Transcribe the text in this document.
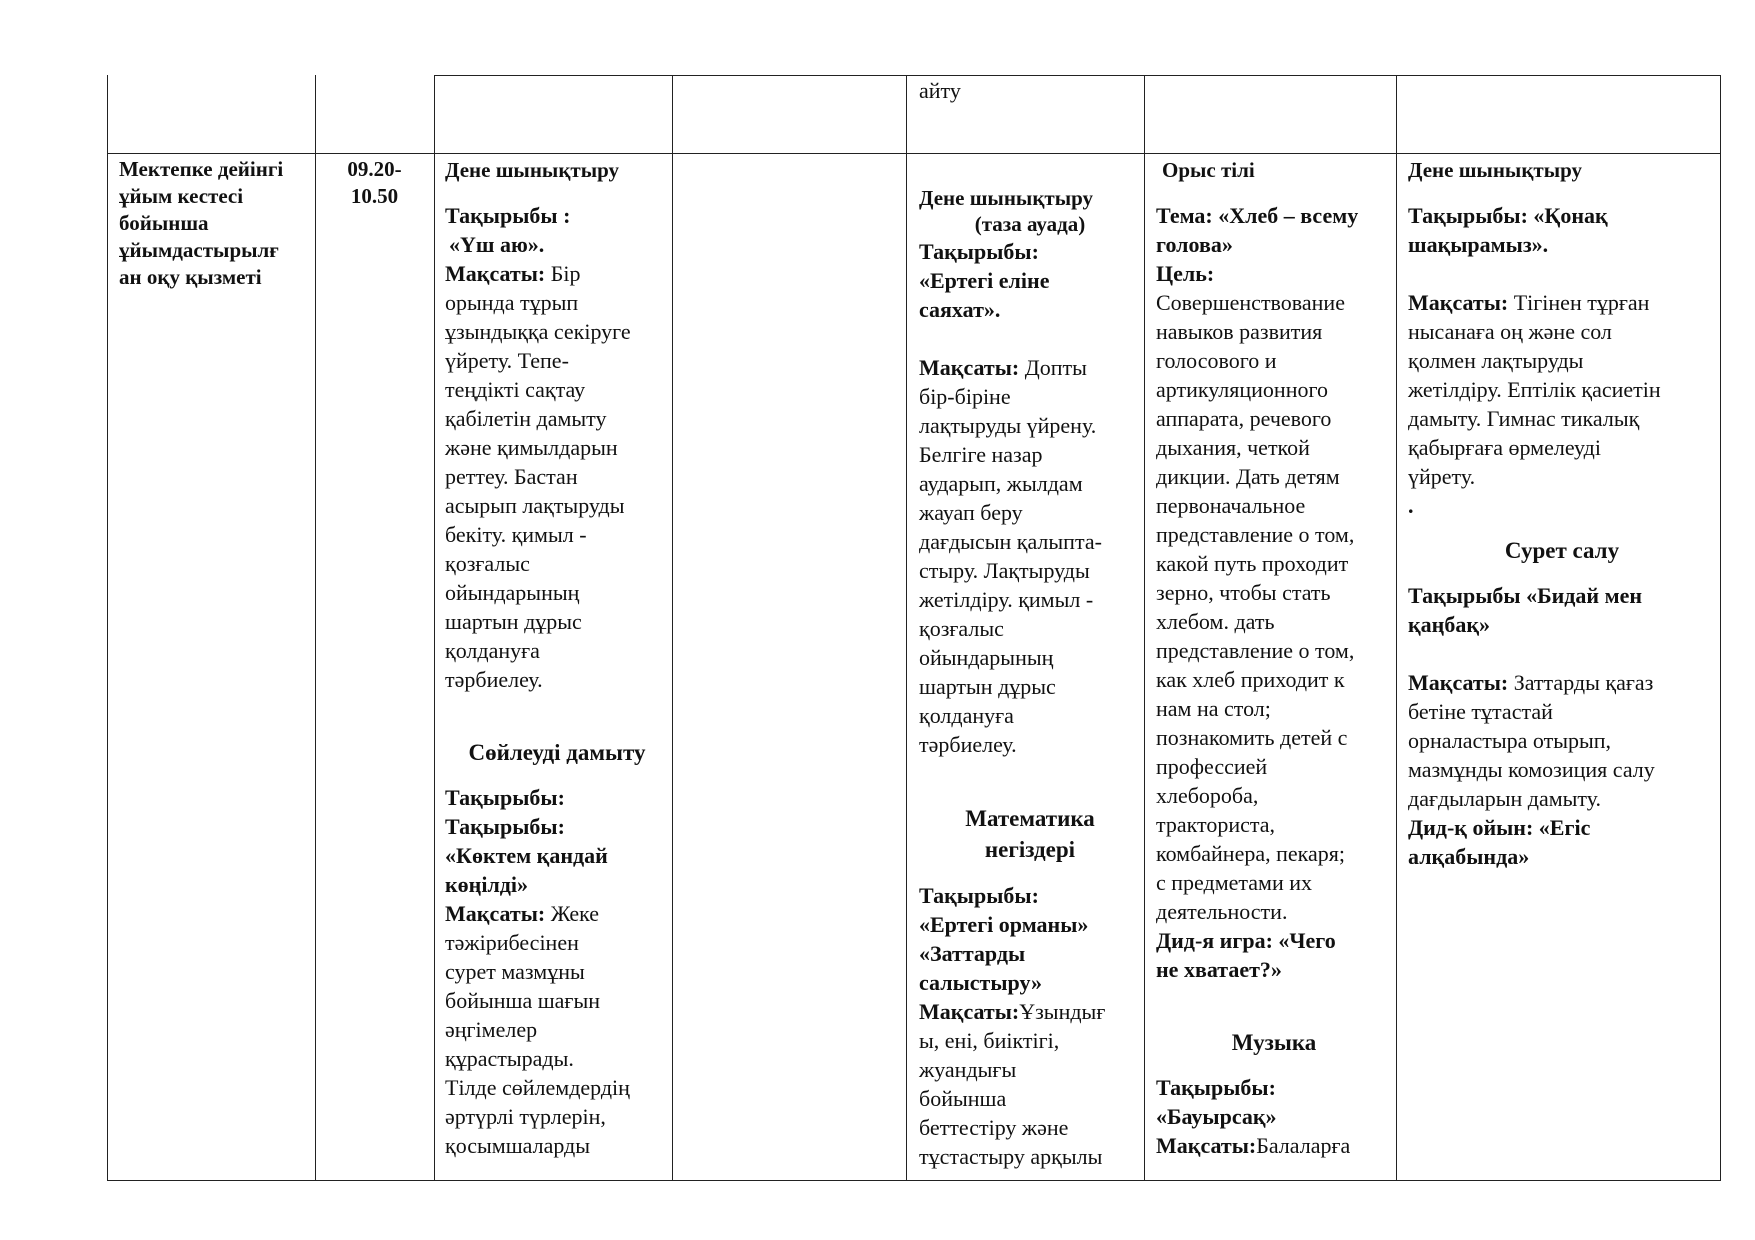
айту

Мектепке дейінгі

ұйым кестесі

бойынша

ұйымдастырылғ

ан оқу қызметі

09.20-

10.50

Дене шынықтыру

Тақырыбы :

«Үш аю».

Мақсаты: Бір

орында тұрып

ұзындыққа секіруге

үйрету. Тепе-

теңдікті сақтау

қабілетін дамыту

және қимылдарын

реттеу. Бастан

асырып лақтыруды

бекіту. қимыл -

қозғалыс

ойындарының

шартын дұрыс

қолдануға

тәрбиелеу.

Сөйлеуді дамыту

Тақырыбы:

Тақырыбы:

«Көктем қандай

көңілді»

Мақсаты: Жеке

тәжірибесінен

сурет мазмұны

бойынша шағын

әңгімелер

құрастырады.

Тілде сөйлемдердің

әртүрлі түрлерін,

қосымшаларды

Дене шынықтыру

(таза ауада)

Тақырыбы:

«Ертегі еліне

саяхат».

Мақсаты: Допты

бір-біріне

лақтыруды үйрену.

Белгіге назар

аударып, жылдам

жауап беру

дағдысын қалыпта-

стыру. Лақтыруды

жетілдіру. қимыл -

қозғалыс

ойындарының

шартын дұрыс

қолдануға

тәрбиелеу.

Математика

негіздері

Тақырыбы:

«Ертегі орманы»

«Заттарды

салыстыру»

Мақсаты:Ұзындығ

ы, ені, биіктігі,

жуандығы

бойынша

беттестіру және

тұстастыру арқылы

Орыс тілі

Тема: «Хлеб – всему

голова»

Цель:

Совершенствование

навыков развития

голосового и

артикуляционного

аппарата, речевого

дыхания, четкой

дикции. Дать детям

первоначальное

представление о том,

какой путь проходит

зерно, чтобы стать

хлебом. дать

представление о том,

как хлеб приходит к

нам на стол;

познакомить детей с

профессией

хлебороба,

тракториста,

комбайнера, пекаря;

с предметами их

деятельности.

Дид-я игра: «Чего

не хватает?»

Музыка

Тақырыбы:

«Бауырсақ»

Мақсаты:Балаларға

Дене шынықтыру

Тақырыбы: «Қонақ

шақырамыз».

Мақсаты: Тігінен тұрған

нысанаға оң және сол

қолмен лақтыруды

жетілдіру. Ептілік қасиетін

дамыту. Гимнас тикалық

қабырғаға өрмелеуді

үйрету.

.

Сурет салу

Тақырыбы «Бидай мен

қаңбақ»

Мақсаты: Заттарды қағаз

бетіне тұтастай

орналастыра отырып,

мазмұнды комозиция салу

дағдыларын дамыту.

Дид-қ ойын: «Егіс

алқабында»
